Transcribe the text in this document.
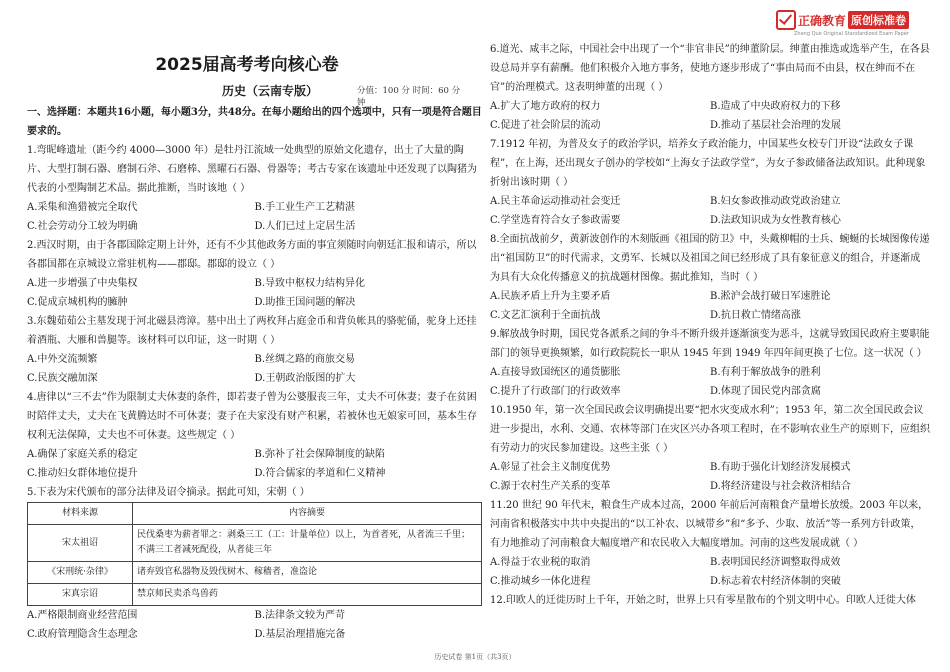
正确教育 原创标准卷
Zheng Que Original Standardized Exam Paper
2025届高考考向核心卷
历史（云南专版）	分值：100 分 时间：60 分钟

一、选择题：本题共16小题，每小题3分，共48分。在每小题给出的四个选项中，只有一项是符合题目要求的。

1.弯昵峰遗址（距今约 4000—3000 年）是牡丹江流域一处典型的原始文化遗存，出土了大量的陶片、大型打制石器、磨制石斧、石磨棒、黑曜石石器、骨器等；考古专家在该遗址中还发现了以陶猪为代表的小型陶制艺术品。据此推断，当时该地（ ）

A.采集和渔猎被完全取代	B.手工业生产工艺精湛
C.社会劳动分工较为明确	D.人们已过上定居生活

2.西汉时期，由于各郡国除定期上计外，还有不少其他政务方面的事宜须随时向朝廷汇报和请示，所以各郡国都在京城设立常驻机构——郡邸。郡邸的设立（ ）

A.进一步增强了中央集权	B.导致中枢权力结构异化
C.促成京城机构的臃肿	D.助推王国问题的解决

3.东魏茹茹公主墓发现于河北磁县湾漳。墓中出土了两枚拜占庭金币和背负帐具的骆驼俑，驼身上还挂着酒瓶、大雁和兽腿等。该材料可以印证，这一时期（ ）

A.中外交流频繁	B.丝绸之路的商旅交易
C.民族交融加深	D.王朝政治版图的扩大

4.唐律以“三不去”作为限制丈夫休妻的条件，即若妻子曾为公婆服丧三年，丈夫不可休妻；妻子在贫困时陪伴丈夫，丈夫在飞黄腾达时不可休妻；妻子在夫家没有财产积累，若被休也无娘家可回，基本生存权利无法保障，丈夫也不可休妻。这些规定（ ）

A.确保了家庭关系的稳定	B.弥补了社会保障制度的缺陷
C.推动妇女群体地位提升	D.符合儒家的孝道和仁义精神

5.下表为宋代颁布的部分法律及诏令摘录。据此可知，宋朝（ ）

材料来源	内容摘要
宋太祖诏	民伐桑枣为薪者罪之：剥桑三工（工：计量单位）以上，为首者死，从者流三千里；不满三工者减死配役，从者徒三年
《宋刑统·杂律》	诸弃毁官私器物及毁伐树木、稼穑者，准盗论
宋真宗诏	禁京师民卖杀鸟兽药
A.严格限制商业经营范围	B.法律条文较为严苛
C.政府管理隐含生态理念	D.基层治理措施完备

6.道光、咸丰之际，中国社会中出现了一个“非官非民”的绅董阶层。绅董由推选或选举产生，在各县设总局并享有薪酬。他们积极介入地方事务，使地方逐步形成了“事由局而不由县，权在绅而不在官”的治理模式。这表明绅董的出现（ ）

A.扩大了地方政府的权力	B.造成了中央政府权力的下移
C.促进了社会阶层的流动	D.推动了基层社会治理的发展

7.1912 年初，为普及女子的政治学识，培养女子政治能力，中国某些女校专门开设“法政女子课程”，在上海，还出现女子创办的学校如“上海女子法政学堂”，为女子参政储备法政知识。此种现象折射出该时期（ ）

A.民主革命运动推动社会变迁	B.妇女参政推动政党政治建立
C.学堂选育符合女子参政需要	D.法政知识成为女性教育核心

8.全面抗战前夕，黄新波创作的木刻版画《祖国的防卫》中，头戴柳帽的士兵、蜿蜒的长城图像传递出“祖国防卫”的时代需求，文勇军、长城以及祖国之间已经形成了具有象征意义的组合，并逐渐成为具有大众化传播意义的抗战题材图像。据此推知，当时（ ）

A.民族矛盾上升为主要矛盾	B.淞沪会战打破日军速胜论
C.文艺汇演利于全面抗战	D.抗日救亡情绪高涨

9.解放战争时期，国民党各派系之间的争斗不断升级并逐渐演变为恶斗，这就导致国民政府主要职能部门的领导更换频繁，如行政院院长一职从 1945 年到 1949 年四年间更换了七位。这一状况（ ）

A.直接导致国统区的通货膨胀	B.有利于解放战争的胜利
C.提升了行政部门的行政效率	D.体现了国民党内部贪腐

10.1950 年，第一次全国民政会议明确提出要“把水灾变成水利”；1953 年，第二次全国民政会议进一步提出，水利、交通、农林等部门在灾区兴办各项工程时，在不影响农业生产的原则下，应组织有劳动力的灾民参加建设。这些主张（ ）

A.彰显了社会主义制度优势	B.有助于强化计划经济发展模式
C.源于农村生产关系的变革	D.将经济建设与社会救济相结合

11.20 世纪 90 年代末，粮食生产成本过高，2000 年前后河南粮食产量增长放缓。2003 年以来，河南省积极落实中共中央提出的“以工补农、以城带乡”和“多予、少取、放活”等一系列方针政策，有力地推动了河南粮食大幅度增产和农民收入大幅度增加。河南的这些发展成就（ ）

A.得益于农业税的取消	B.表明国民经济调整取得成效
C.推动城乡一体化进程	D.标志着农村经济体制的突破

12.印欧人的迁徙历时上千年，开始之时，世界上只有零星散布的个别文明中心。印欧人迁徙大体

历史试卷 第1页（共3页）
